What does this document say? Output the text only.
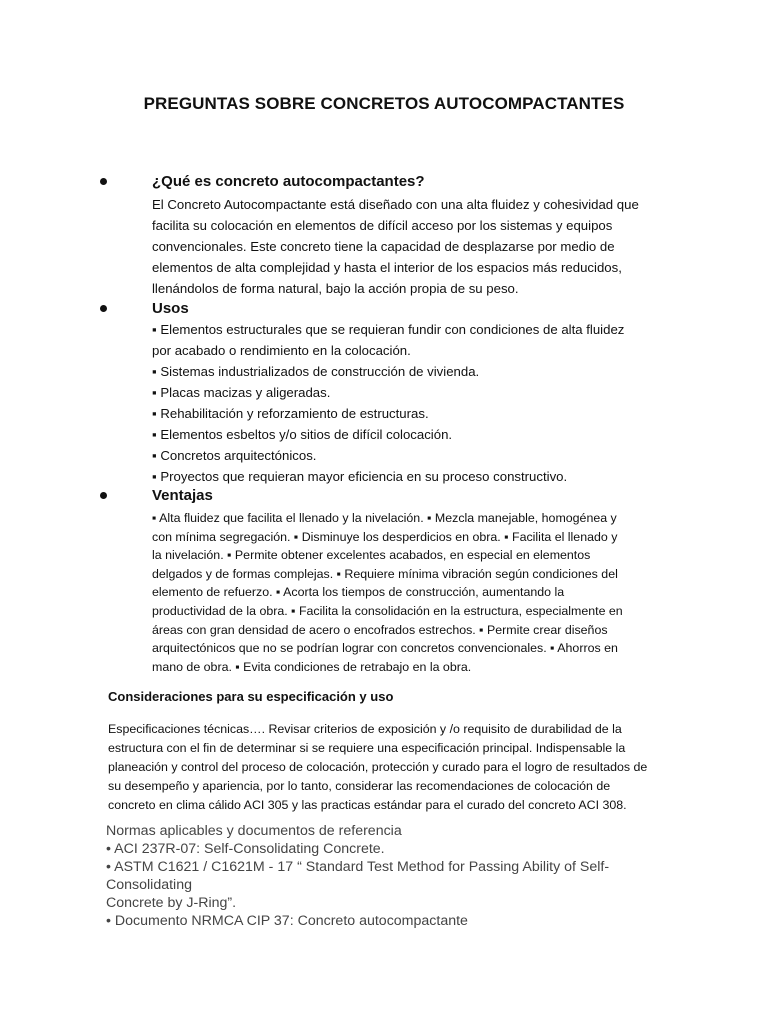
PREGUNTAS SOBRE CONCRETOS AUTOCOMPACTANTES
¿Qué es concreto autocompactantes?
El Concreto Autocompactante está diseñado con una alta fluidez y cohesividad que
facilita su colocación en elementos de difícil acceso por los sistemas y equipos
convencionales. Este concreto tiene la capacidad de desplazarse por medio de
elementos de alta complejidad y hasta el interior de los espacios más reducidos,
llenándolos de forma natural, bajo la acción propia de su peso.
Usos
▪ Elementos estructurales que se requieran fundir con condiciones de alta fluidez
por acabado o rendimiento en la colocación.
▪ Sistemas industrializados de construcción de vivienda.
▪ Placas macizas y aligeradas.
▪ Rehabilitación y reforzamiento de estructuras.
▪ Elementos esbeltos y/o sitios de difícil colocación.
▪ Concretos arquitectónicos.
▪ Proyectos que requieran mayor eficiencia en su proceso constructivo.
Ventajas
▪ Alta fluidez que facilita el llenado y la nivelación. ▪ Mezcla manejable, homogénea y
con mínima segregación. ▪ Disminuye los desperdicios en obra. ▪ Facilita el llenado y
la nivelación. ▪ Permite obtener excelentes acabados, en especial en elementos
delgados y de formas complejas. ▪ Requiere mínima vibración según condiciones del
elemento de refuerzo. ▪ Acorta los tiempos de construcción, aumentando la
productividad de la obra. ▪ Facilita la consolidación en la estructura, especialmente en
áreas con gran densidad de acero o encofrados estrechos. ▪ Permite crear diseños
arquitectónicos que no se podrían lograr con concretos convencionales. ▪ Ahorros en
mano de obra. ▪ Evita condiciones de retrabajo en la obra.
Consideraciones para su especificación y uso
Especificaciones técnicas…. Revisar criterios de exposición y /o requisito de durabilidad de la
estructura con el fin de determinar si se requiere una especificación principal. Indispensable la
planeación y control del proceso de colocación, protección y curado para el logro de resultados de
su desempeño y apariencia, por lo tanto, considerar las recomendaciones de colocación de
concreto en clima cálido ACI 305 y las practicas estándar para el curado del concreto ACI 308.
Normas aplicables y documentos de referencia
• ACI 237R-07: Self-Consolidating Concrete.
• ASTM C1621 / C1621M - 17 “ Standard Test Method for Passing Ability of Self-
Consolidating
Concrete by J-Ring”.
• Documento NRMCA CIP 37: Concreto autocompactante
